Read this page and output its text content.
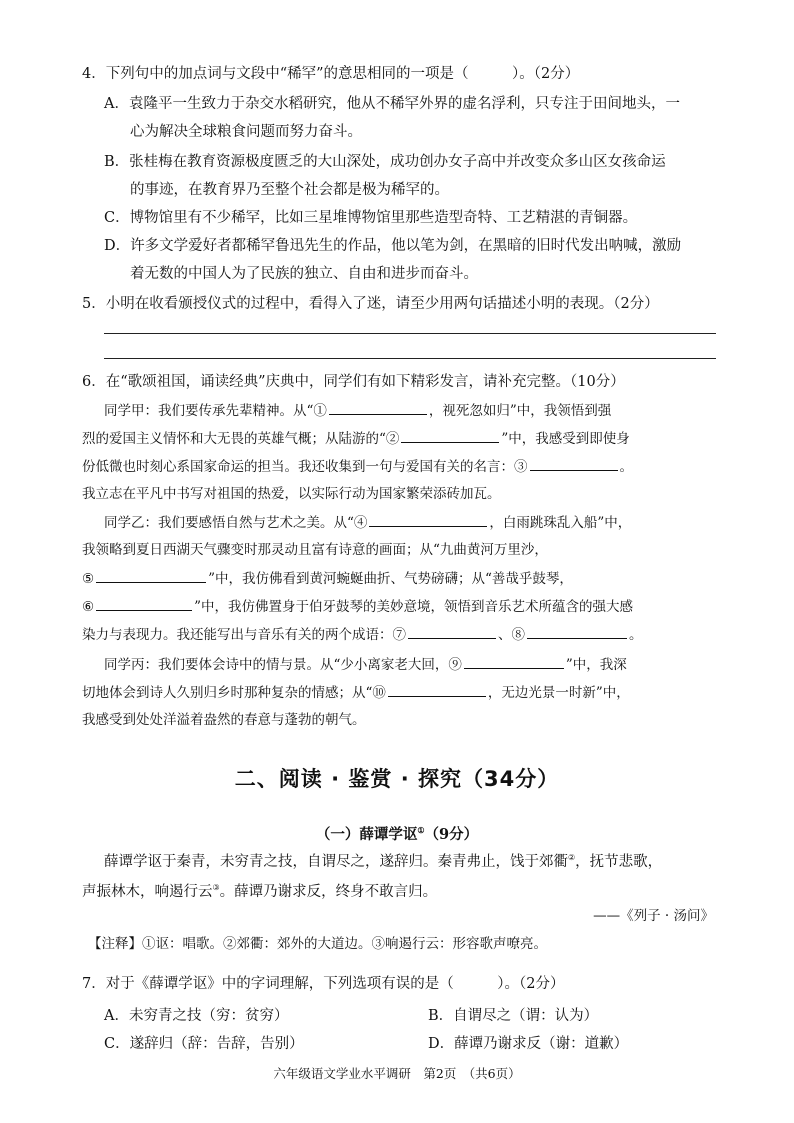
4．下列句中的加点词与文段中“稀罕”的意思相同的一项是（　　　）。（2分）
A．袁隆平一生致力于杂交水稻研究，他从不稀罕外界的虚名浮利，只专注于田间地头，一
心为解决全球粮食问题而努力奋斗。
B．张桂梅在教育资源极度匮乏的大山深处，成功创办女子高中并改变众多山区女孩命运
的事迹，在教育界乃至整个社会都是极为稀罕的。
C．博物馆里有不少稀罕，比如三星堆博物馆里那些造型奇特、工艺精湛的青铜器。
D．许多文学爱好者都稀罕鲁迅先生的作品，他以笔为剑，在黑暗的旧时代发出呐喊，激励
着无数的中国人为了民族的独立、自由和进步而奋斗。
5．小明在收看颁授仪式的过程中，看得入了迷，请至少用两句话描述小明的表现。（2分）
6．在“歌颂祖国，诵读经典”庆典中，同学们有如下精彩发言，请补充完整。（10分）
同学甲：我们要传承先辈精神。从“①	，视死忽如归”中，我领悟到强
烈的爱国主义情怀和大无畏的英雄气概；从陆游的“②	”中，我感受到即使身
份低微也时刻心系国家命运的担当。我还收集到一句与爱国有关的名言：③	。
我立志在平凡中书写对祖国的热爱，以实际行动为国家繁荣添砖加瓦。
同学乙：我们要感悟自然与艺术之美。从“④	，白雨跳珠乱入船”中，
我领略到夏日西湖天气骤变时那灵动且富有诗意的画面；从“九曲黄河万里沙，
⑤	”中，我仿佛看到黄河蜿蜒曲折、气势磅礴；从“善哉乎鼓琴，
⑥	”中，我仿佛置身于伯牙鼓琴的美妙意境，领悟到音乐艺术所蕴含的强大感
染力与表现力。我还能写出与音乐有关的两个成语：⑦	、⑧	。
同学丙：我们要体会诗中的情与景。从“少小离家老大回，⑨	”中，我深
切地体会到诗人久别归乡时那种复杂的情感；从“⑩	，无边光景一时新”中，
我感受到处处洋溢着盎然的春意与蓬勃的朝气。
二、阅读 · 鉴赏 · 探究（34分）
（一）薛谭学讴①（9分）
薛谭学讴于秦青，未穷青之技，自谓尽之，遂辞归。秦青弗止，饯于郊衢②，抚节悲歌，
声振林木，响遏行云③。薛谭乃谢求反，终身不敢言归。
——《列子 · 汤问》
【注释】①讴：唱歌。②郊衢：郊外的大道边。③响遏行云：形容歌声嘹亮。
7．对于《薛谭学讴》中的字词理解，下列选项有误的是（　　　）。（2分）
A．未穷青之技（穷：贫穷）	B．自谓尽之（谓：认为）
C．遂辞归（辞：告辞，告别）	D．薛谭乃谢求反（谢：道歉）
六年级语文学业水平调研　第2页　（共6页）
